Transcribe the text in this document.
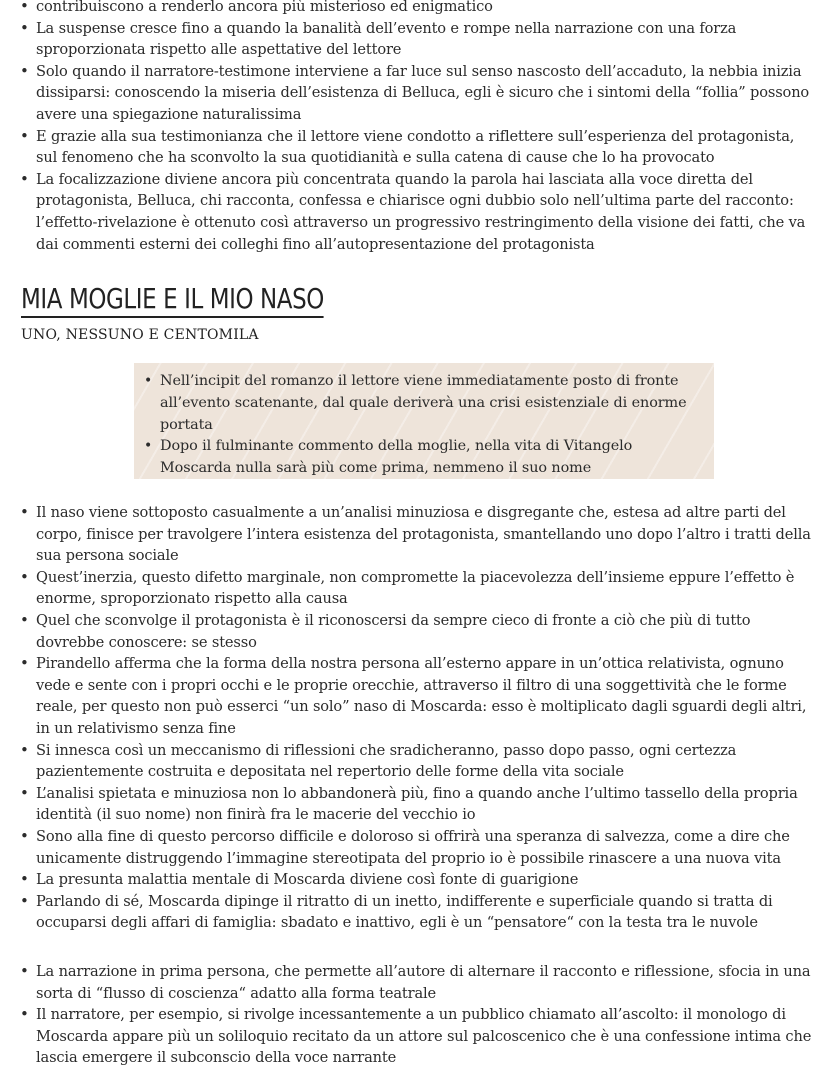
• contribuiscono a renderlo ancora più misterioso ed enigmatico
• La suspense cresce fino a quando la banalità dell’evento e rompe nella narrazione con una forza sproporzionata rispetto alle aspettative del lettore
• Solo quando il narratore-testimone interviene a far luce sul senso nascosto dell’accaduto, la nebbia inizia dissiparsi: conoscendo la miseria dell’esistenza di Belluca, egli è sicuro che i sintomi della “follia” possono avere una spiegazione naturalissima
• E grazie alla sua testimonianza che il lettore viene condotto a riflettere sull’esperienza del protagonista, sul fenomeno che ha sconvolto la sua quotidianità e sulla catena di cause che lo ha provocato
• La focalizzazione diviene ancora più concentrata quando la parola hai lasciata alla voce diretta del protagonista, Belluca, chi racconta, confessa e chiarisce ogni dubbio solo nell’ultima parte del racconto: l’effetto-rivelazione è ottenuto così attraverso un progressivo restringimento della visione dei fatti, che va dai commenti esterni dei colleghi fino all’autopresentazione del protagonista
MIA MOGLIE E IL MIO NASO
UNO, NESSUNO E CENTOMILA
• Nell’incipit del romanzo il lettore viene immediatamente posto di fronte all’evento scatenante, dal quale deriverà una crisi esistenziale di enorme portata
• Dopo il fulminante commento della moglie, nella vita di Vitangelo Moscarda nulla sarà più come prima, nemmeno il suo nome
• Il naso viene sottoposto casualmente a un’analisi minuziosa e disgregante che, estesa ad altre parti del corpo, finisce per travolgere l’intera esistenza del protagonista, smantellando uno dopo l’altro i tratti della sua persona sociale
• Quest’inerzia, questo difetto marginale, non compromette la piacevolezza dell’insieme eppure l’effetto è enorme, sproporzionato rispetto alla causa
• Quel che sconvolge il protagonista è il riconoscersi da sempre cieco di fronte a ciò che più di tutto dovrebbe conoscere: se stesso
• Pirandello afferma che la forma della nostra persona all’esterno appare in un’ottica relativista, ognuno vede e sente con i propri occhi e le proprie orecchie, attraverso il filtro di una soggettività che le forme reale, per questo non può esserci “un solo” naso di Moscarda: esso è moltiplicato dagli sguardi degli altri, in un relativismo senza fine
• Si innesca così un meccanismo di riflessioni che sradicheranno, passo dopo passo, ogni certezza pazientemente costruita e depositata nel repertorio delle forme della vita sociale
• L’analisi spietata e minuziosa non lo abbandonerà più, fino a quando anche l’ultimo tassello della propria identità (il suo nome) non finirà fra le macerie del vecchio io
• Sono alla fine di questo percorso difficile e doloroso si offrirà una speranza di salvezza, come a dire che unicamente distruggendo l’immagine stereotipata del proprio io è possibile rinascere a una nuova vita
• La presunta malattia mentale di Moscarda diviene così fonte di guarigione
• Parlando di sé, Moscarda dipinge il ritratto di un inetto, indifferente e superficiale quando si tratta di occuparsi degli affari di famiglia: sbadato e inattivo, egli è un “pensatore“ con la testa tra le nuvole
• La narrazione in prima persona, che permette all’autore di alternare il racconto e riflessione, sfocia in una sorta di “flusso di coscienza“ adatto alla forma teatrale
• Il narratore, per esempio, si rivolge incessantemente a un pubblico chiamato all’ascolto: il monologo di Moscarda appare più un soliloquio recitato da un attore sul palcoscenico che è una confessione intima che lascia emergere il subconscio della voce narrante
